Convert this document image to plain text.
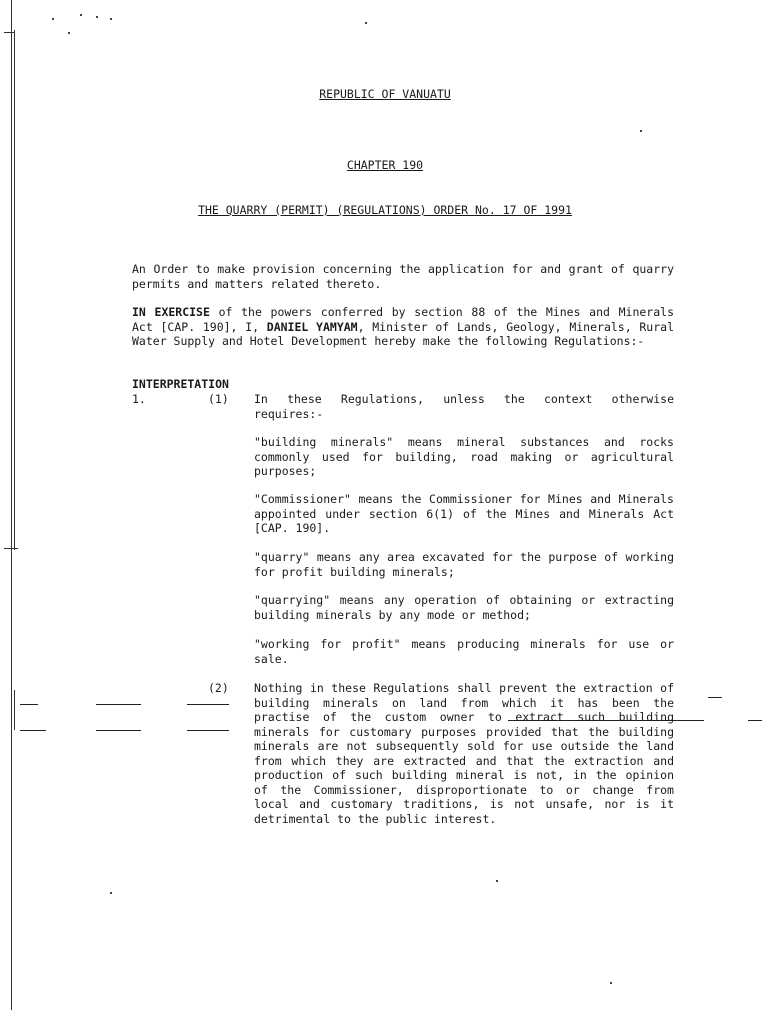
REPUBLIC OF VANUATU
CHAPTER 190
THE QUARRY (PERMIT) (REGULATIONS) ORDER No. 17 OF 1991

An Order to make provision concerning the application for and grant of quarry permits and matters related thereto.

IN EXERCISE of the powers conferred by section 88 of the Mines and Minerals Act [CAP. 190], I, DANIEL YAMYAM, Minister of Lands, Geology, Minerals, Rural Water Supply and Hotel Development hereby make the following Regulations:-

INTERPRETATION
1.	(1) In these Regulations, unless the context otherwise requires:-

"building minerals" means mineral substances and rocks commonly used for building, road making or agricultural purposes;

"Commissioner" means the Commissioner for Mines and Minerals appointed under section 6(1) of the Mines and Minerals Act [CAP. 190].

"quarry" means any area excavated for the purpose of working for profit building minerals;

"quarrying" means any operation of obtaining or extracting building minerals by any mode or method;

"working for profit" means producing minerals for use or sale.

(2) Nothing in these Regulations shall prevent the extraction of building minerals on land from which it has been the practise of the custom owner to extract such building minerals for customary purposes provided that the building minerals are not subsequently sold for use outside the land from which they are extracted and that the extraction and production of such building mineral is not, in the opinion of the Commissioner, disproportionate to or change from local and customary traditions, is not unsafe, nor is it detrimental to the public interest.
